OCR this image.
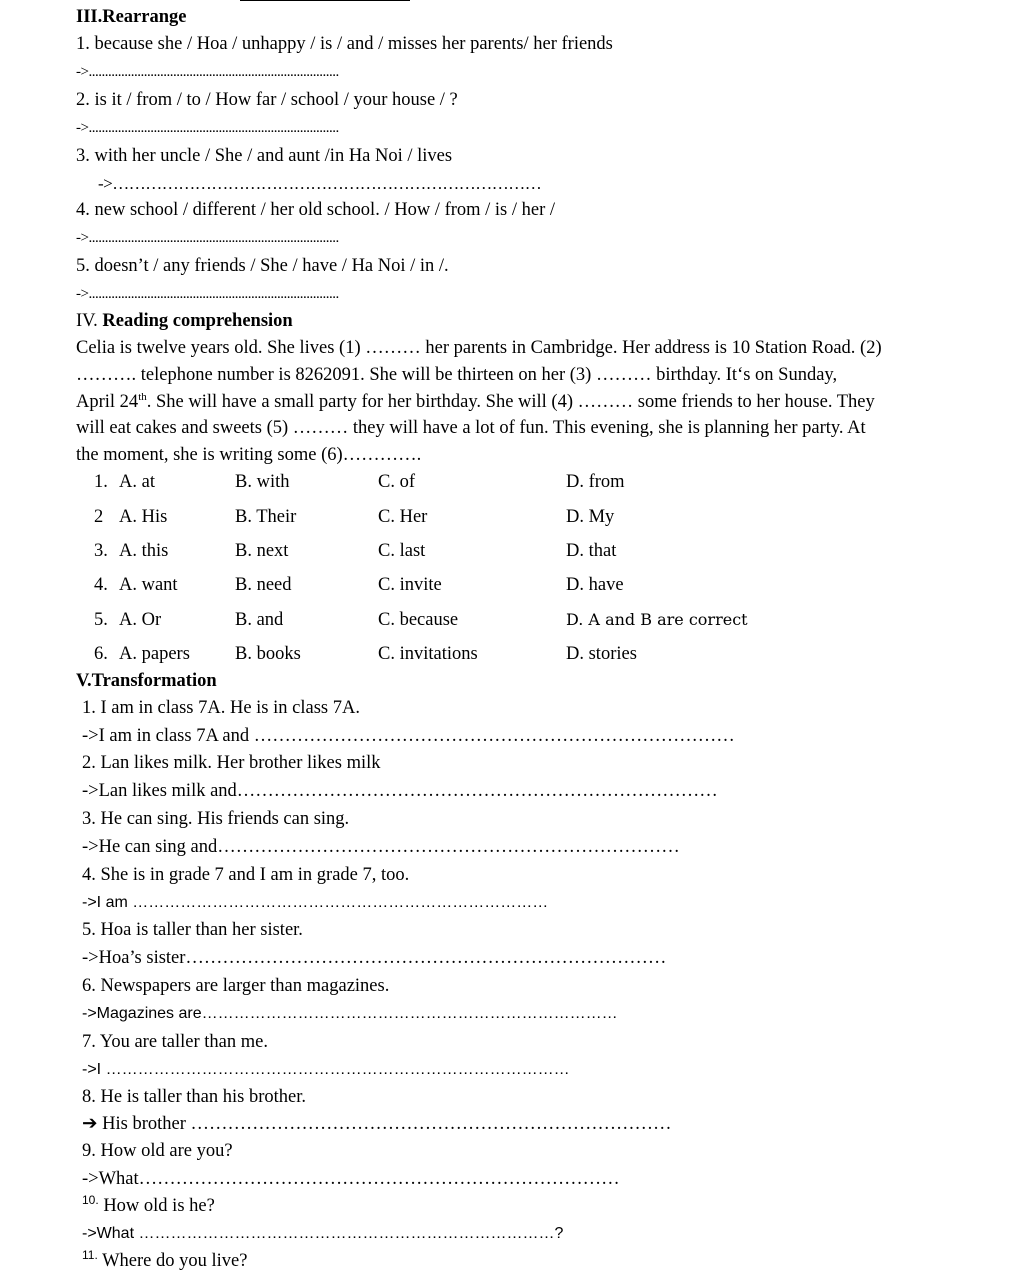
III.Rearrange
1. because she / Hoa / unhappy / is / and / misses her parents/ her friends
->.............................................................................
2. is it / from / to / How far / school / your house / ?
->.............................................................................
3. with her uncle / She / and aunt /in Ha Noi / lives
->……………………………………………………………………
4. new school / different / her old school. / How / from / is / her /
->.............................................................................
5. doesn’t / any friends / She / have / Ha Noi / in /.
->.............................................................................
IV. Reading comprehension
Celia is twelve years old. She lives (1) ……… her parents in Cambridge. Her address is 10 Station Road. (2)
………. telephone number is 8262091. She will be thirteen on her (3) ……… birthday. It‘s on Sunday,
April 24th. She will have a small party for her birthday. She will (4) ……… some friends to her house. They
will eat cakes and sweets (5) ……… they will have a lot of fun. This evening, she is planning her party. At
the moment, she is writing some (6)………….
1. A. at	B. with	C. of	D. from
2 A. His	B. Their	C. Her	D. My
3. A. this	B. next	C. last	D. that
4. A. want	B. need	C. invite	D. have
5. A. Or	B. and	C. because	D. A and B are correct
6. A. papers B. books	C. invitations	D. stories
V.Transformation
1. I am in class 7A. He is in class 7A.
->I am in class 7A and ……………………………………………………………………
2. Lan likes milk. Her brother likes milk
->Lan likes milk and……………………………………………………………………
3. He can sing. His friends can sing.
->He can sing and…………………………………………………………………
4. She is in grade 7 and I am in grade 7, too.
->I am ……………………………………………………………………
5. Hoa is taller than her sister.
->Hoa’s sister……………………………………………………………………
6. Newspapers are larger than magazines.
->Magazines are……………………………………………………………………
7. You are taller than me.
->I ……………………………………………………………………………
8. He is taller than his brother.
➔ His brother ……………………………………………………………………
9. How old are you?
->What……………………………………………………………………
$^{10.}$ How old is he?
->What ……………………………………………………………………?
$^{11.}$ Where do you live?
